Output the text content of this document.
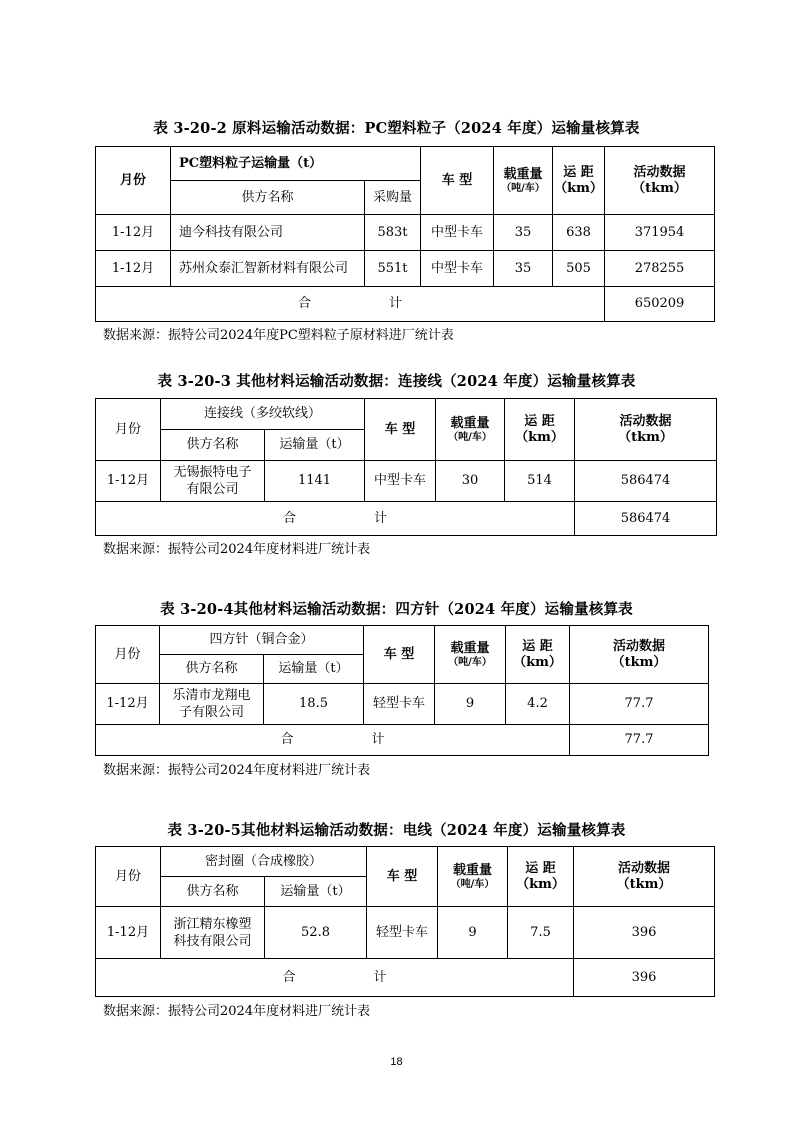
表 3-20-2 原料运输活动数据：PC塑料粒子（2024 年度）运输量核算表
月份	PC塑料粒子运输量（t）		车 型	载重量
（吨/车）	运 距
（km）	活动数据
（tkm）
	供方名称	采购量				
1-12月	迪今科技有限公司	583t	中型卡车	35	638	371954
1-12月	苏州众泰汇智新材料有限公司	551t	中型卡车	35	505	278255
合　　　　　　计						650209
数据来源：振特公司2024年度PC塑料粒子原材料进厂统计表
表 3-20-3 其他材料运输活动数据：连接线（2024 年度）运输量核算表
月份	连接线（多绞软线）		车 型	载重量
（吨/车）	运 距
（km）	活动数据
（tkm）
	供方名称	运输量（t）				
1-12月	无锡振特电子
有限公司	1141	中型卡车	30	514	586474
合　　　　　　计						586474
数据来源：振特公司2024年度材料进厂统计表
表 3-20-4其他材料运输活动数据：四方针（2024 年度）运输量核算表
月份	四方针（铜合金）		车 型	载重量
（吨/车）	运 距
（km）	活动数据
（tkm）
	供方名称	运输量（t）				
1-12月	乐清市龙翔电
子有限公司	18.5	轻型卡车	9	4.2	77.7
合　　　　　　计						77.7
数据来源：振特公司2024年度材料进厂统计表
表 3-20-5其他材料运输活动数据：电线（2024 年度）运输量核算表
月份	密封圈（合成橡胶）		车 型	载重量
（吨/车）	运 距
（km）	活动数据
（tkm）
	供方名称	运输量（t）				
1-12月	浙江精东橡塑
科技有限公司	52.8	轻型卡车	9	7.5	396
合　　　　　　计						396
数据来源：振特公司2024年度材料进厂统计表
18
